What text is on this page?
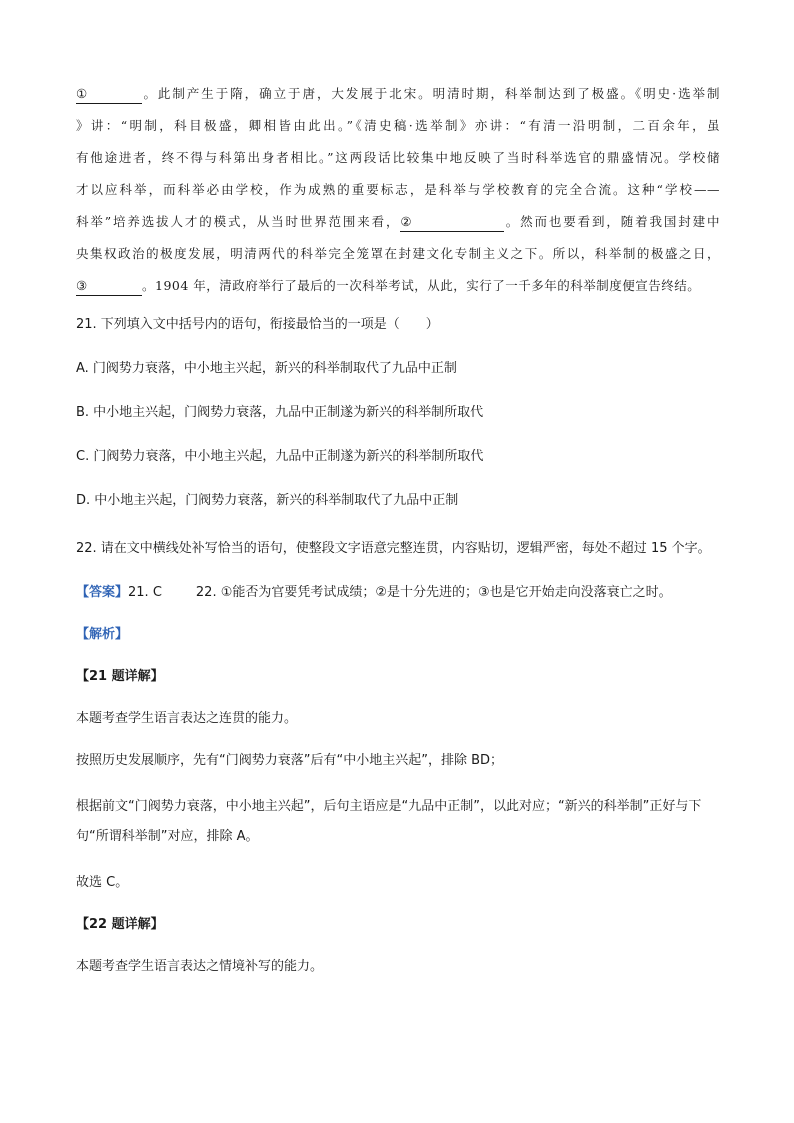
①	。此制产生于隋，确立于唐，大发展于北宋。明清时期，科举制达到了极盛。《明史·选举制
》讲：“明制，科目极盛，卿相皆由此出。”《清史稿·选举制》亦讲：“有清一沿明制，二百余年，虽
有他途进者，终不得与科第出身者相比。”这两段话比较集中地反映了当时科举选官的鼎盛情况。学校储
才以应科举，而科举必由学校，作为成熟的重要标志，是科举与学校教育的完全合流。这种“学校——
科举”培养选拔人才的模式，从当时世界范围来看，②	。然而也要看到，随着我国封建中
央集权政治的极度发展，明清两代的科举完全笼罩在封建文化专制主义之下。所以，科举制的极盛之日，
③	。1904 年，清政府举行了最后的一次科举考试，从此，实行了一千多年的科举制度便宣告终结。

21. 下列填入文中括号内的语句，衔接最恰当的一项是（　　）

A. 门阀势力衰落，中小地主兴起，新兴的科举制取代了九品中正制

B. 中小地主兴起，门阀势力衰落，九品中正制遂为新兴的科举制所取代

C. 门阀势力衰落，中小地主兴起，九品中正制遂为新兴的科举制所取代

D. 中小地主兴起，门阀势力衰落，新兴的科举制取代了九品中正制

22. 请在文中横线处补写恰当的语句，使整段文字语意完整连贯，内容贴切，逻辑严密，每处不超过 15 个字。

【答案】21. C	22. ①能否为官要凭考试成绩；②是十分先进的；③也是它开始走向没落衰亡之时。

【解析】

【21 题详解】

本题考查学生语言表达之连贯的能力。

按照历史发展顺序，先有“门阀势力衰落”后有“中小地主兴起”，排除 BD；

根据前文“门阀势力衰落，中小地主兴起”，后句主语应是“九品中正制”，以此对应；“新兴的科举制”正好与下句“所谓科举制”对应，排除 A。

故选 C。

【22 题详解】

本题考查学生语言表达之情境补写的能力。
